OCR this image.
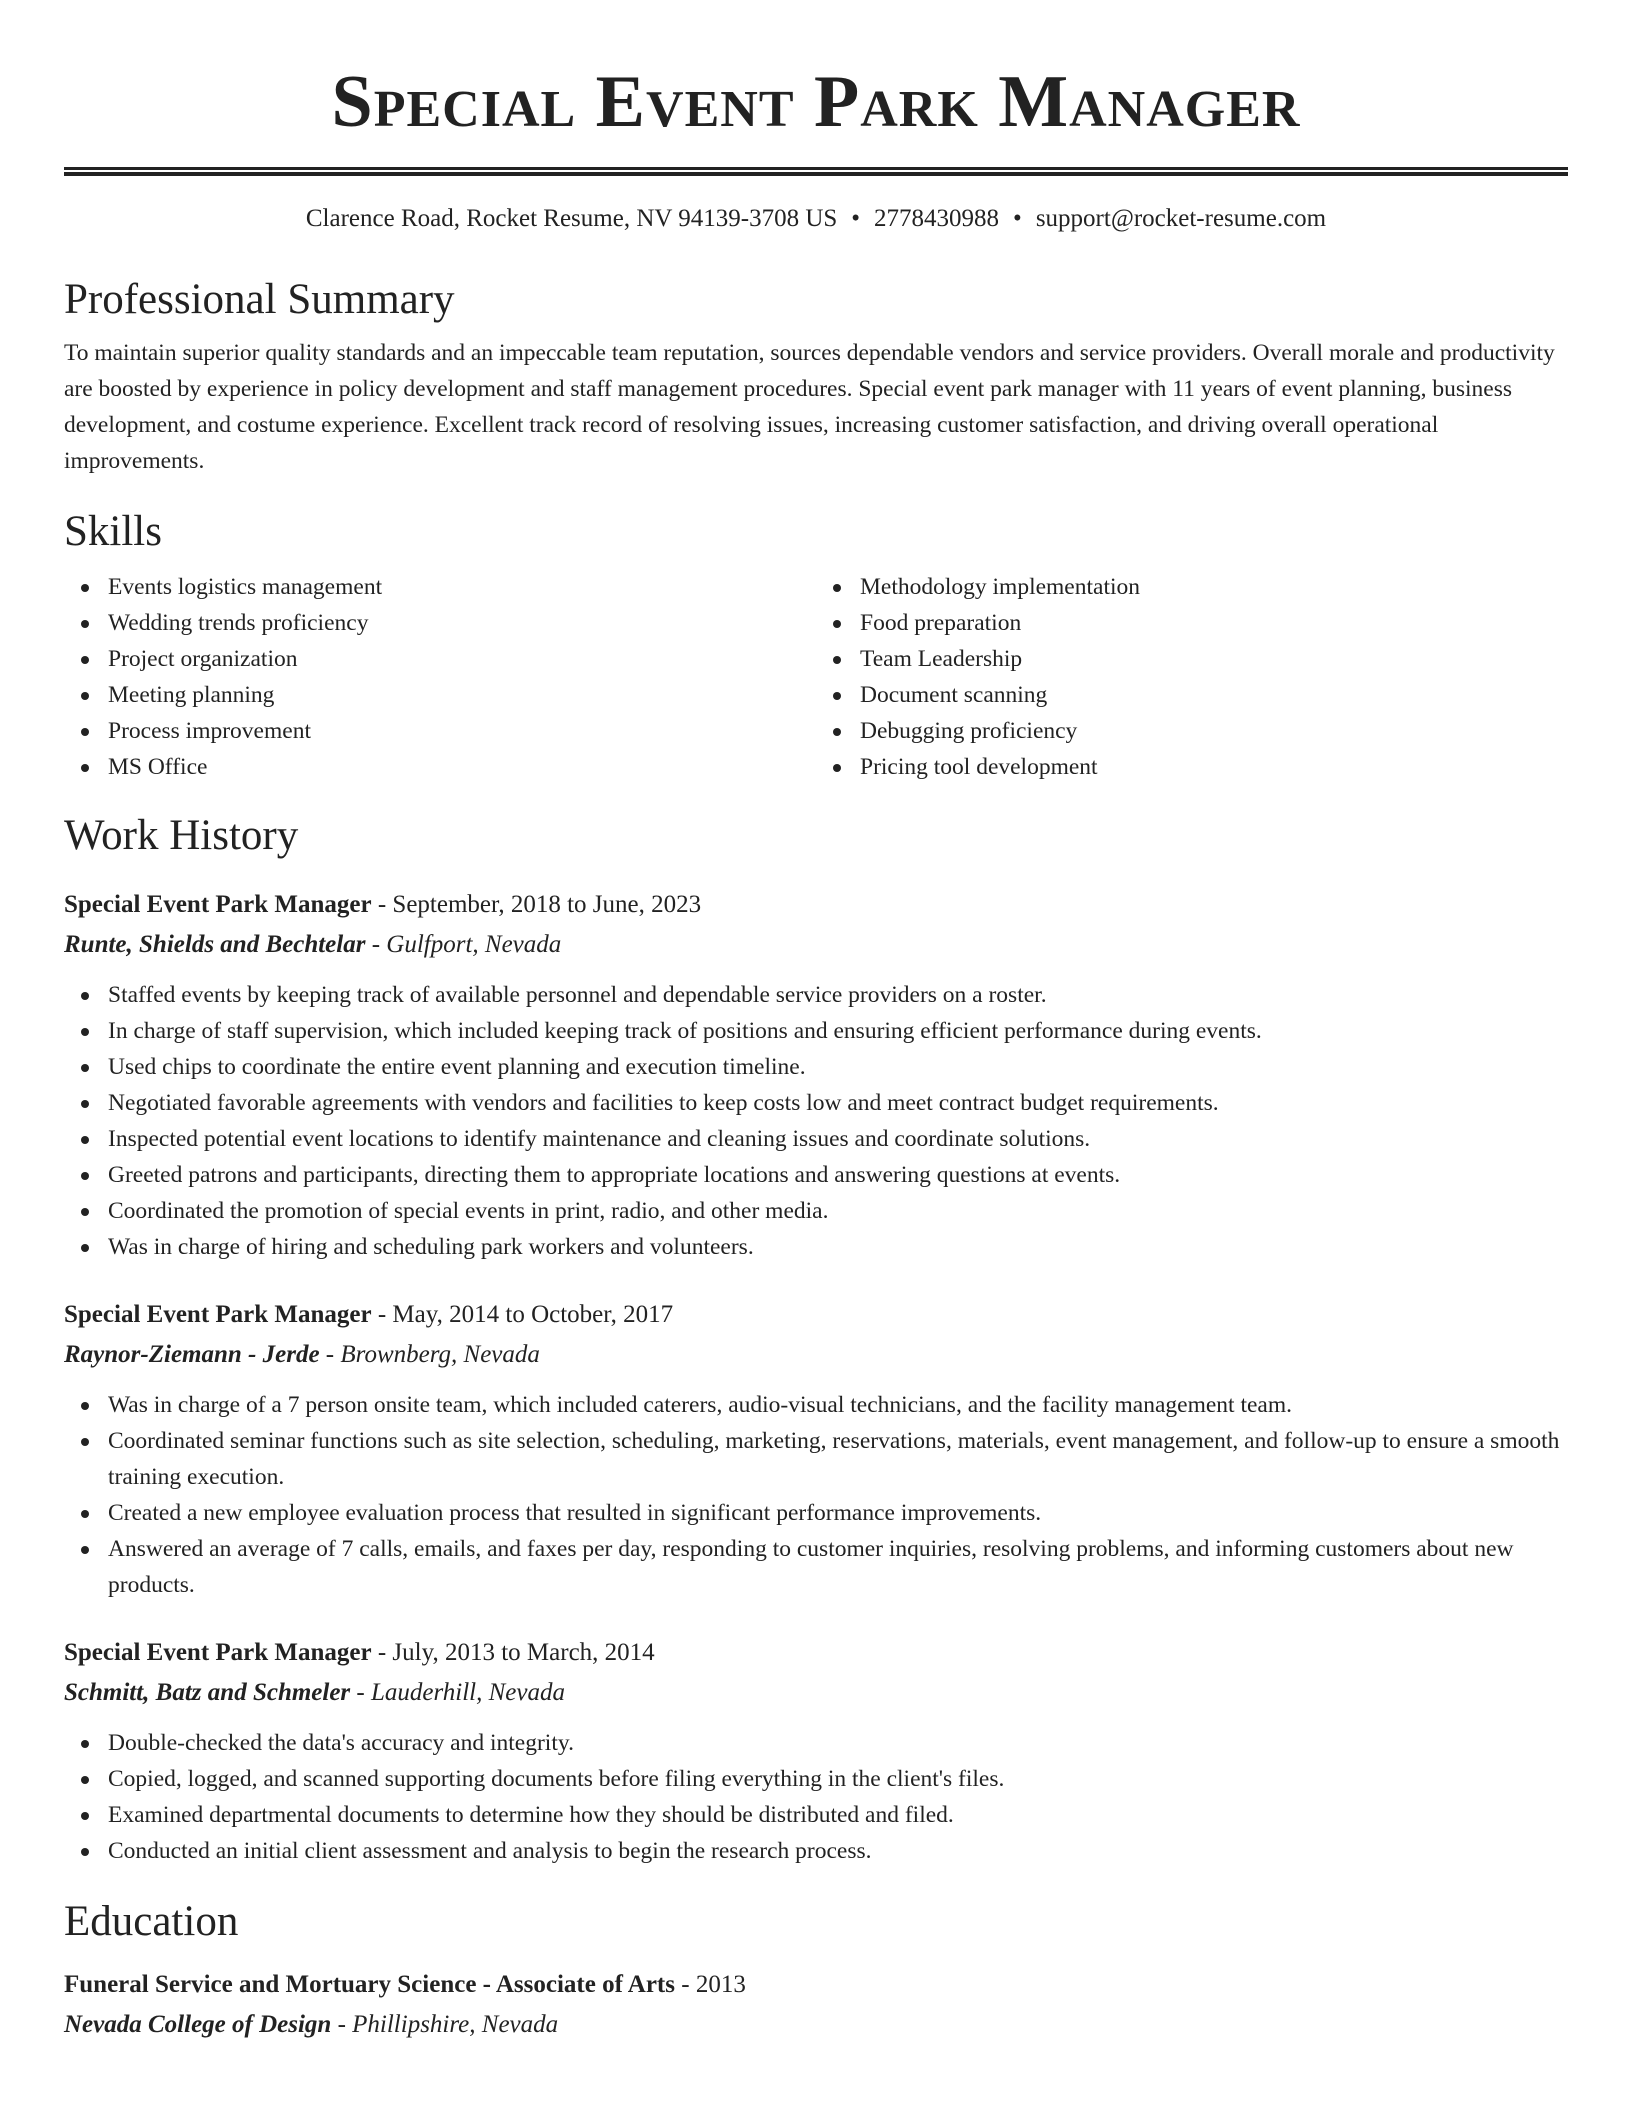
Special Event Park Manager
Clarence Road, Rocket Resume, NV 94139-3708 US • 2778430988 • support@rocket-resume.com
Professional Summary

To maintain superior quality standards and an impeccable team reputation, sources dependable vendors and service providers. Overall morale and productivity are boosted by experience in policy development and staff management procedures. Special event park manager with 11 years of event planning, business development, and costume experience. Excellent track record of resolving issues, increasing customer satisfaction, and driving overall operational improvements.

Skills
Events logistics management
Wedding trends proficiency
Project organization
Meeting planning
Process improvement
MS Office
Methodology implementation
Food preparation
Team Leadership
Document scanning
Debugging proficiency
Pricing tool development
Work History
Special Event Park Manager - September, 2018 to June, 2023
Runte, Shields and Bechtelar - Gulfport, Nevada
Staffed events by keeping track of available personnel and dependable service providers on a roster.
In charge of staff supervision, which included keeping track of positions and ensuring efficient performance during events.
Used chips to coordinate the entire event planning and execution timeline.
Negotiated favorable agreements with vendors and facilities to keep costs low and meet contract budget requirements.
Inspected potential event locations to identify maintenance and cleaning issues and coordinate solutions.
Greeted patrons and participants, directing them to appropriate locations and answering questions at events.
Coordinated the promotion of special events in print, radio, and other media.
Was in charge of hiring and scheduling park workers and volunteers.
Special Event Park Manager - May, 2014 to October, 2017
Raynor-Ziemann - Jerde - Brownberg, Nevada
Was in charge of a 7 person onsite team, which included caterers, audio-visual technicians, and the facility management team.
Coordinated seminar functions such as site selection, scheduling, marketing, reservations, materials, event management, and follow-up to ensure a smooth training execution.
Created a new employee evaluation process that resulted in significant performance improvements.
Answered an average of 7 calls, emails, and faxes per day, responding to customer inquiries, resolving problems, and informing customers about new products.
Special Event Park Manager - July, 2013 to March, 2014
Schmitt, Batz and Schmeler - Lauderhill, Nevada
Double-checked the data's accuracy and integrity.
Copied, logged, and scanned supporting documents before filing everything in the client's files.
Examined departmental documents to determine how they should be distributed and filed.
Conducted an initial client assessment and analysis to begin the research process.
Education
Funeral Service and Mortuary Science - Associate of Arts - 2013
Nevada College of Design - Phillipshire, Nevada
